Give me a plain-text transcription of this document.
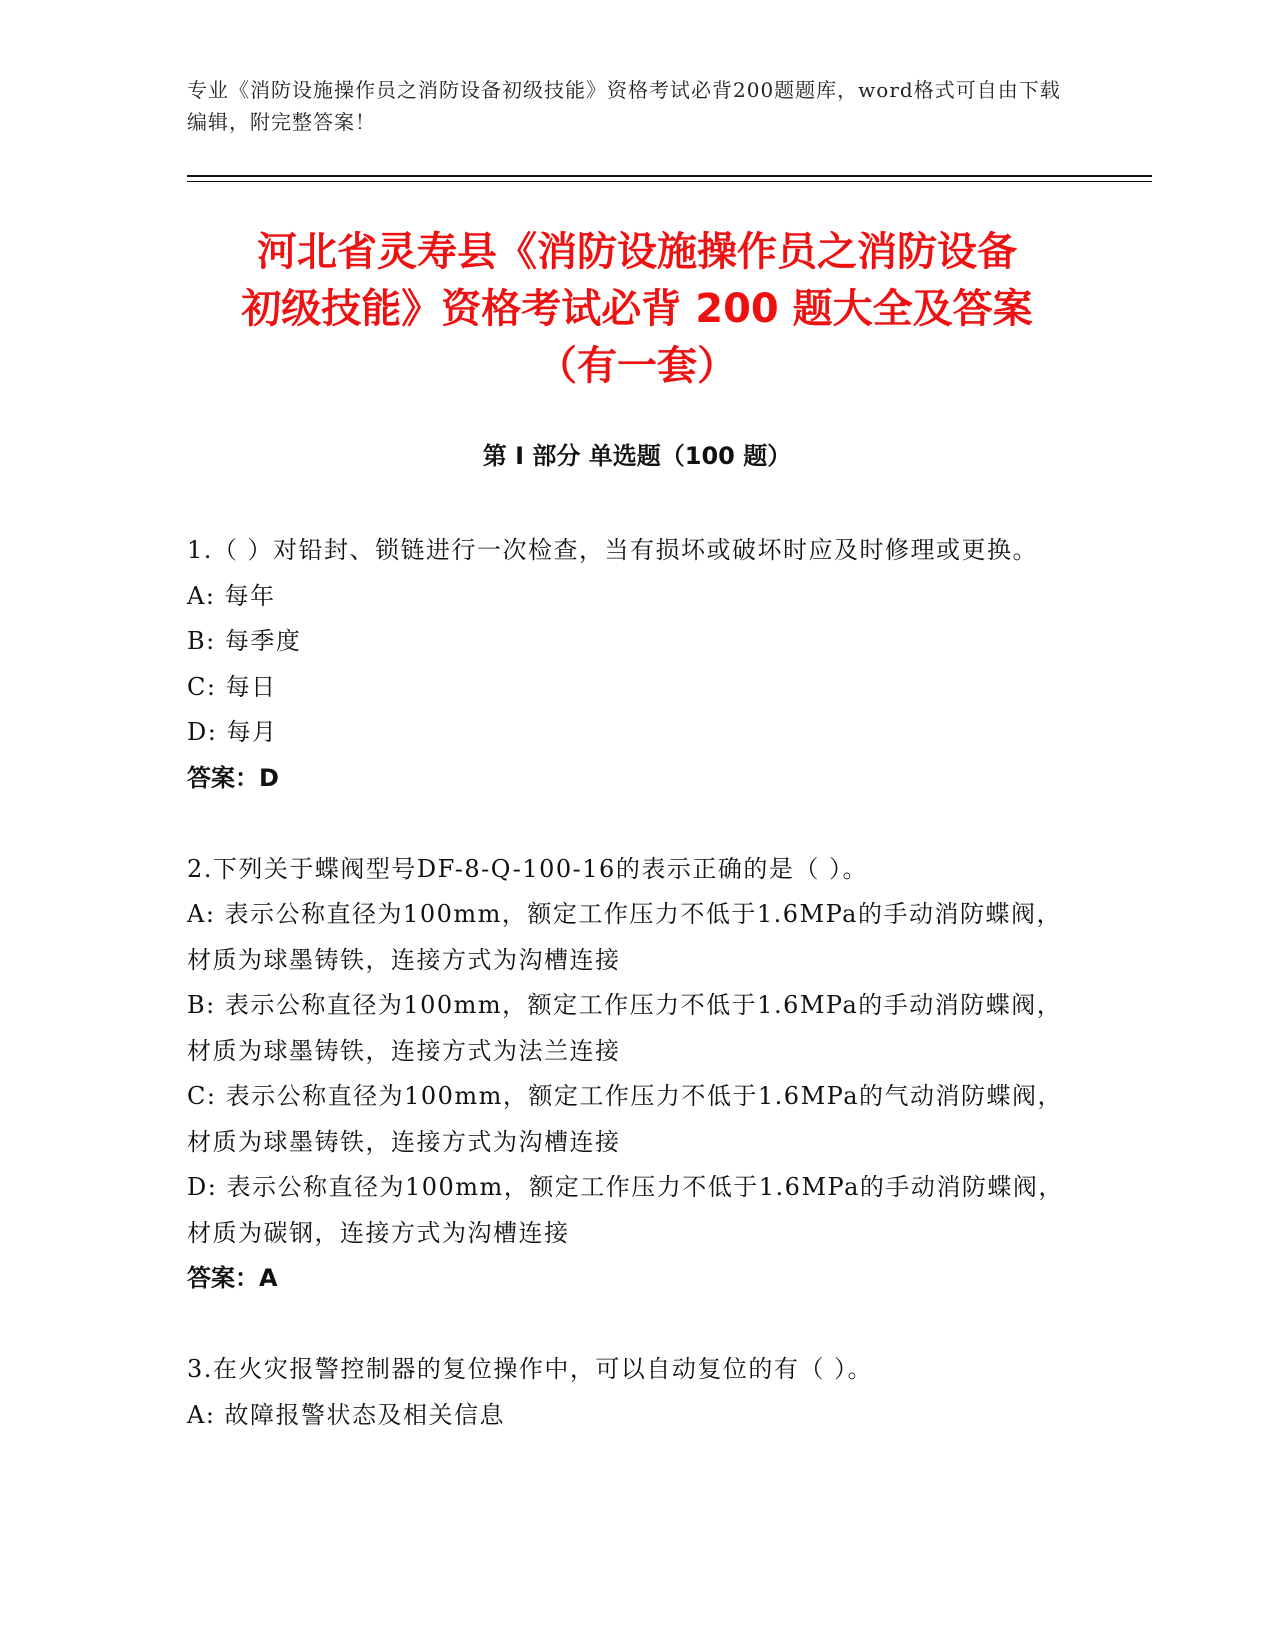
专业《消防设施操作员之消防设备初级技能》资格考试必背200题题库，word格式可自由下载编辑，附完整答案！
河北省灵寿县《消防设施操作员之消防设备
初级技能》资格考试必背 200 题大全及答案
（有一套）
第 I 部分 单选题（100 题）

1.（ ）对铅封、锁链进行一次检查，当有损坏或破坏时应及时修理或更换。

A: 每年

B: 每季度

C: 每日

D: 每月

答案：D

2.下列关于蝶阀型号DF-8-Q-100-16的表示正确的是（ ）。

A: 表示公称直径为100mm，额定工作压力不低于1.6MPa的手动消防蝶阀，材质为球墨铸铁，连接方式为沟槽连接

B: 表示公称直径为100mm，额定工作压力不低于1.6MPa的手动消防蝶阀，材质为球墨铸铁，连接方式为法兰连接

C: 表示公称直径为100mm，额定工作压力不低于1.6MPa的气动消防蝶阀，材质为球墨铸铁，连接方式为沟槽连接

D: 表示公称直径为100mm，额定工作压力不低于1.6MPa的手动消防蝶阀，材质为碳钢，连接方式为沟槽连接

答案：A

3.在火灾报警控制器的复位操作中，可以自动复位的有（ ）。

A: 故障报警状态及相关信息
